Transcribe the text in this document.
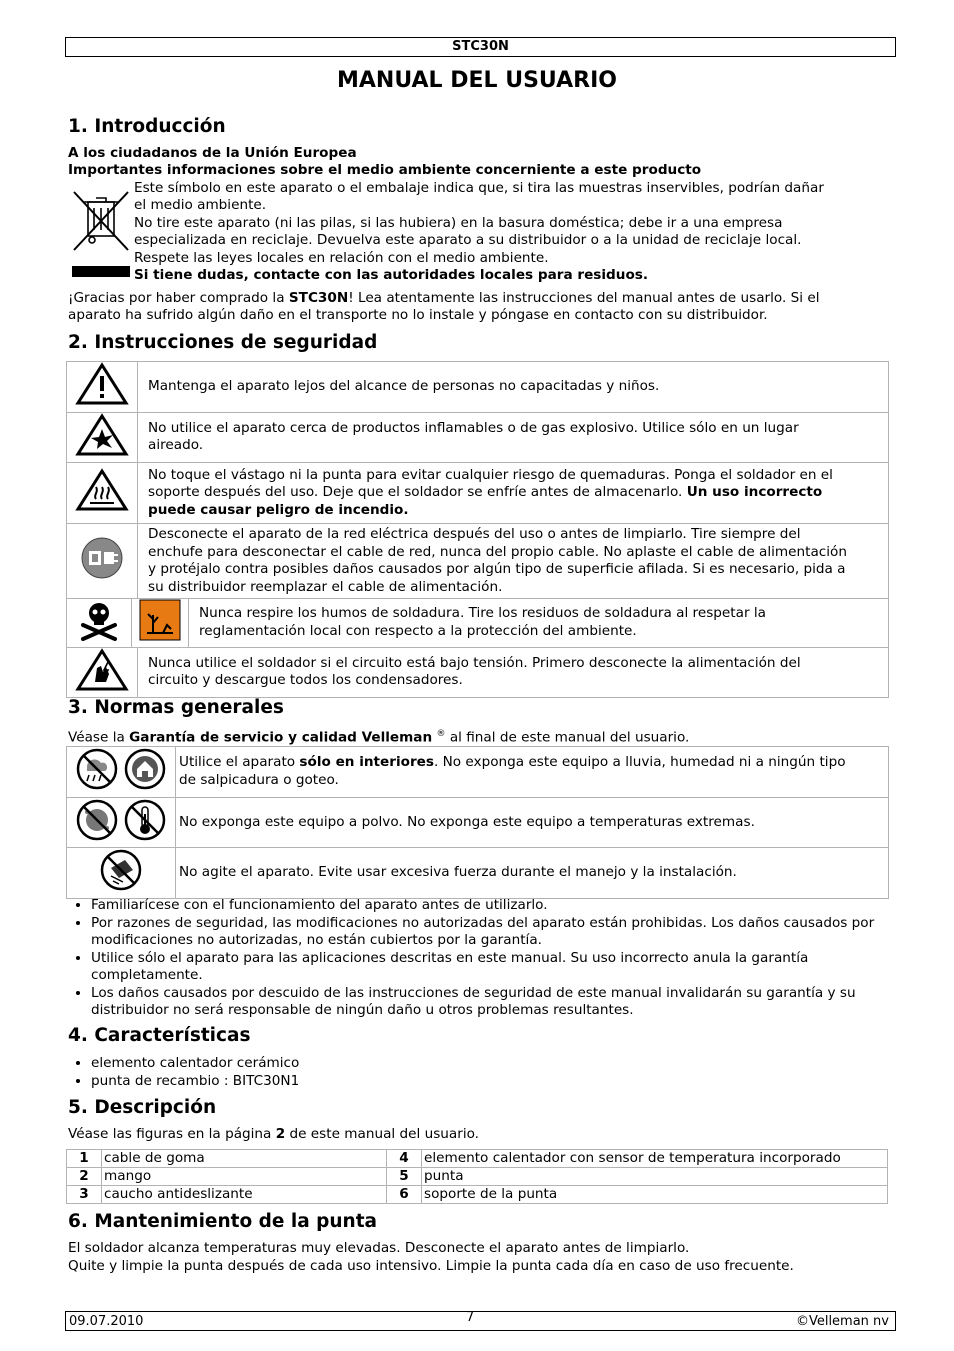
STC30N
MANUAL DEL USUARIO
1. Introducción
A los ciudadanos de la Unión Europea
Importantes informaciones sobre el medio ambiente concerniente a este producto
Este símbolo en este aparato o el embalaje indica que, si tira las muestras inservibles, podrían dañar
el medio ambiente.
No tire este aparato (ni las pilas, si las hubiera) en la basura doméstica; debe ir a una empresa
especializada en reciclaje. Devuelva este aparato a su distribuidor o a la unidad de reciclaje local.
Respete las leyes locales en relación con el medio ambiente.
Si tiene dudas, contacte con las autoridades locales para residuos.
¡Gracias por haber comprado la STC30N! Lea atentamente las instrucciones del manual antes de usarlo. Si el
aparato ha sufrido algún daño en el transporte no lo instale y póngase en contacto con su distribuidor.
2. Instrucciones de seguridad

Mantenga el aparato lejos del alcance de personas no capacitadas y niños.

No utilice el aparato cerca de productos inflamables o de gas explosivo. Utilice sólo en un lugar
aireado.

No toque el vástago ni la punta para evitar cualquier riesgo de quemaduras. Ponga el soldador en el
soporte después del uso. Deje que el soldador se enfríe antes de almacenarlo. Un uso incorrecto
puede causar peligro de incendio.

Desconecte el aparato de la red eléctrica después del uso o antes de limpiarlo. Tire siempre del
enchufe para desconectar el cable de red, nunca del propio cable. No aplaste el cable de alimentación
y protéjalo contra posibles daños causados por algún tipo de superficie afilada. Si es necesario, pida a
su distribuidor reemplazar el cable de alimentación.

Nunca respire los humos de soldadura. Tire los residuos de soldadura al respetar la
reglamentación local con respecto a la protección del ambiente.

Nunca utilice el soldador si el circuito está bajo tensión. Primero desconecte la alimentación del
circuito y descargue todos los condensadores.
3. Normas generales
Véase la Garantía de servicio y calidad Velleman ® al final de este manual del usuario.

Utilice el aparato sólo en interiores. No exponga este equipo a lluvia, humedad ni a ningún tipo
de salpicadura o goteo.

No exponga este equipo a polvo. No exponga este equipo a temperaturas extremas.

No agite el aparato. Evite usar excesiva fuerza durante el manejo y la instalación.
• Familiarícese con el funcionamiento del aparato antes de utilizarlo.
• Por razones de seguridad, las modificaciones no autorizadas del aparato están prohibidas. Los daños causados por modificaciones no autorizadas, no están cubiertos por la garantía.
• Utilice sólo el aparato para las aplicaciones descritas en este manual. Su uso incorrecto anula la garantía completamente.
• Los daños causados por descuido de las instrucciones de seguridad de este manual invalidarán su garantía y su distribuidor no será responsable de ningún daño u otros problemas resultantes.
4. Características
• elemento calentador cerámico
• punta de recambio : BITC30N1
5. Descripción
Véase las figuras en la página 2 de este manual del usuario.
1	cable de goma	4	elemento calentador con sensor de temperatura incorporado
2	mango	5	punta
3	caucho antideslizante	6	soporte de la punta
6. Mantenimiento de la punta
El soldador alcanza temperaturas muy elevadas. Desconecte el aparato antes de limpiarlo.
Quite y limpie la punta después de cada uso intensivo. Limpie la punta cada día en caso de uso frecuente.
09.07.2010	7	©Velleman nv
